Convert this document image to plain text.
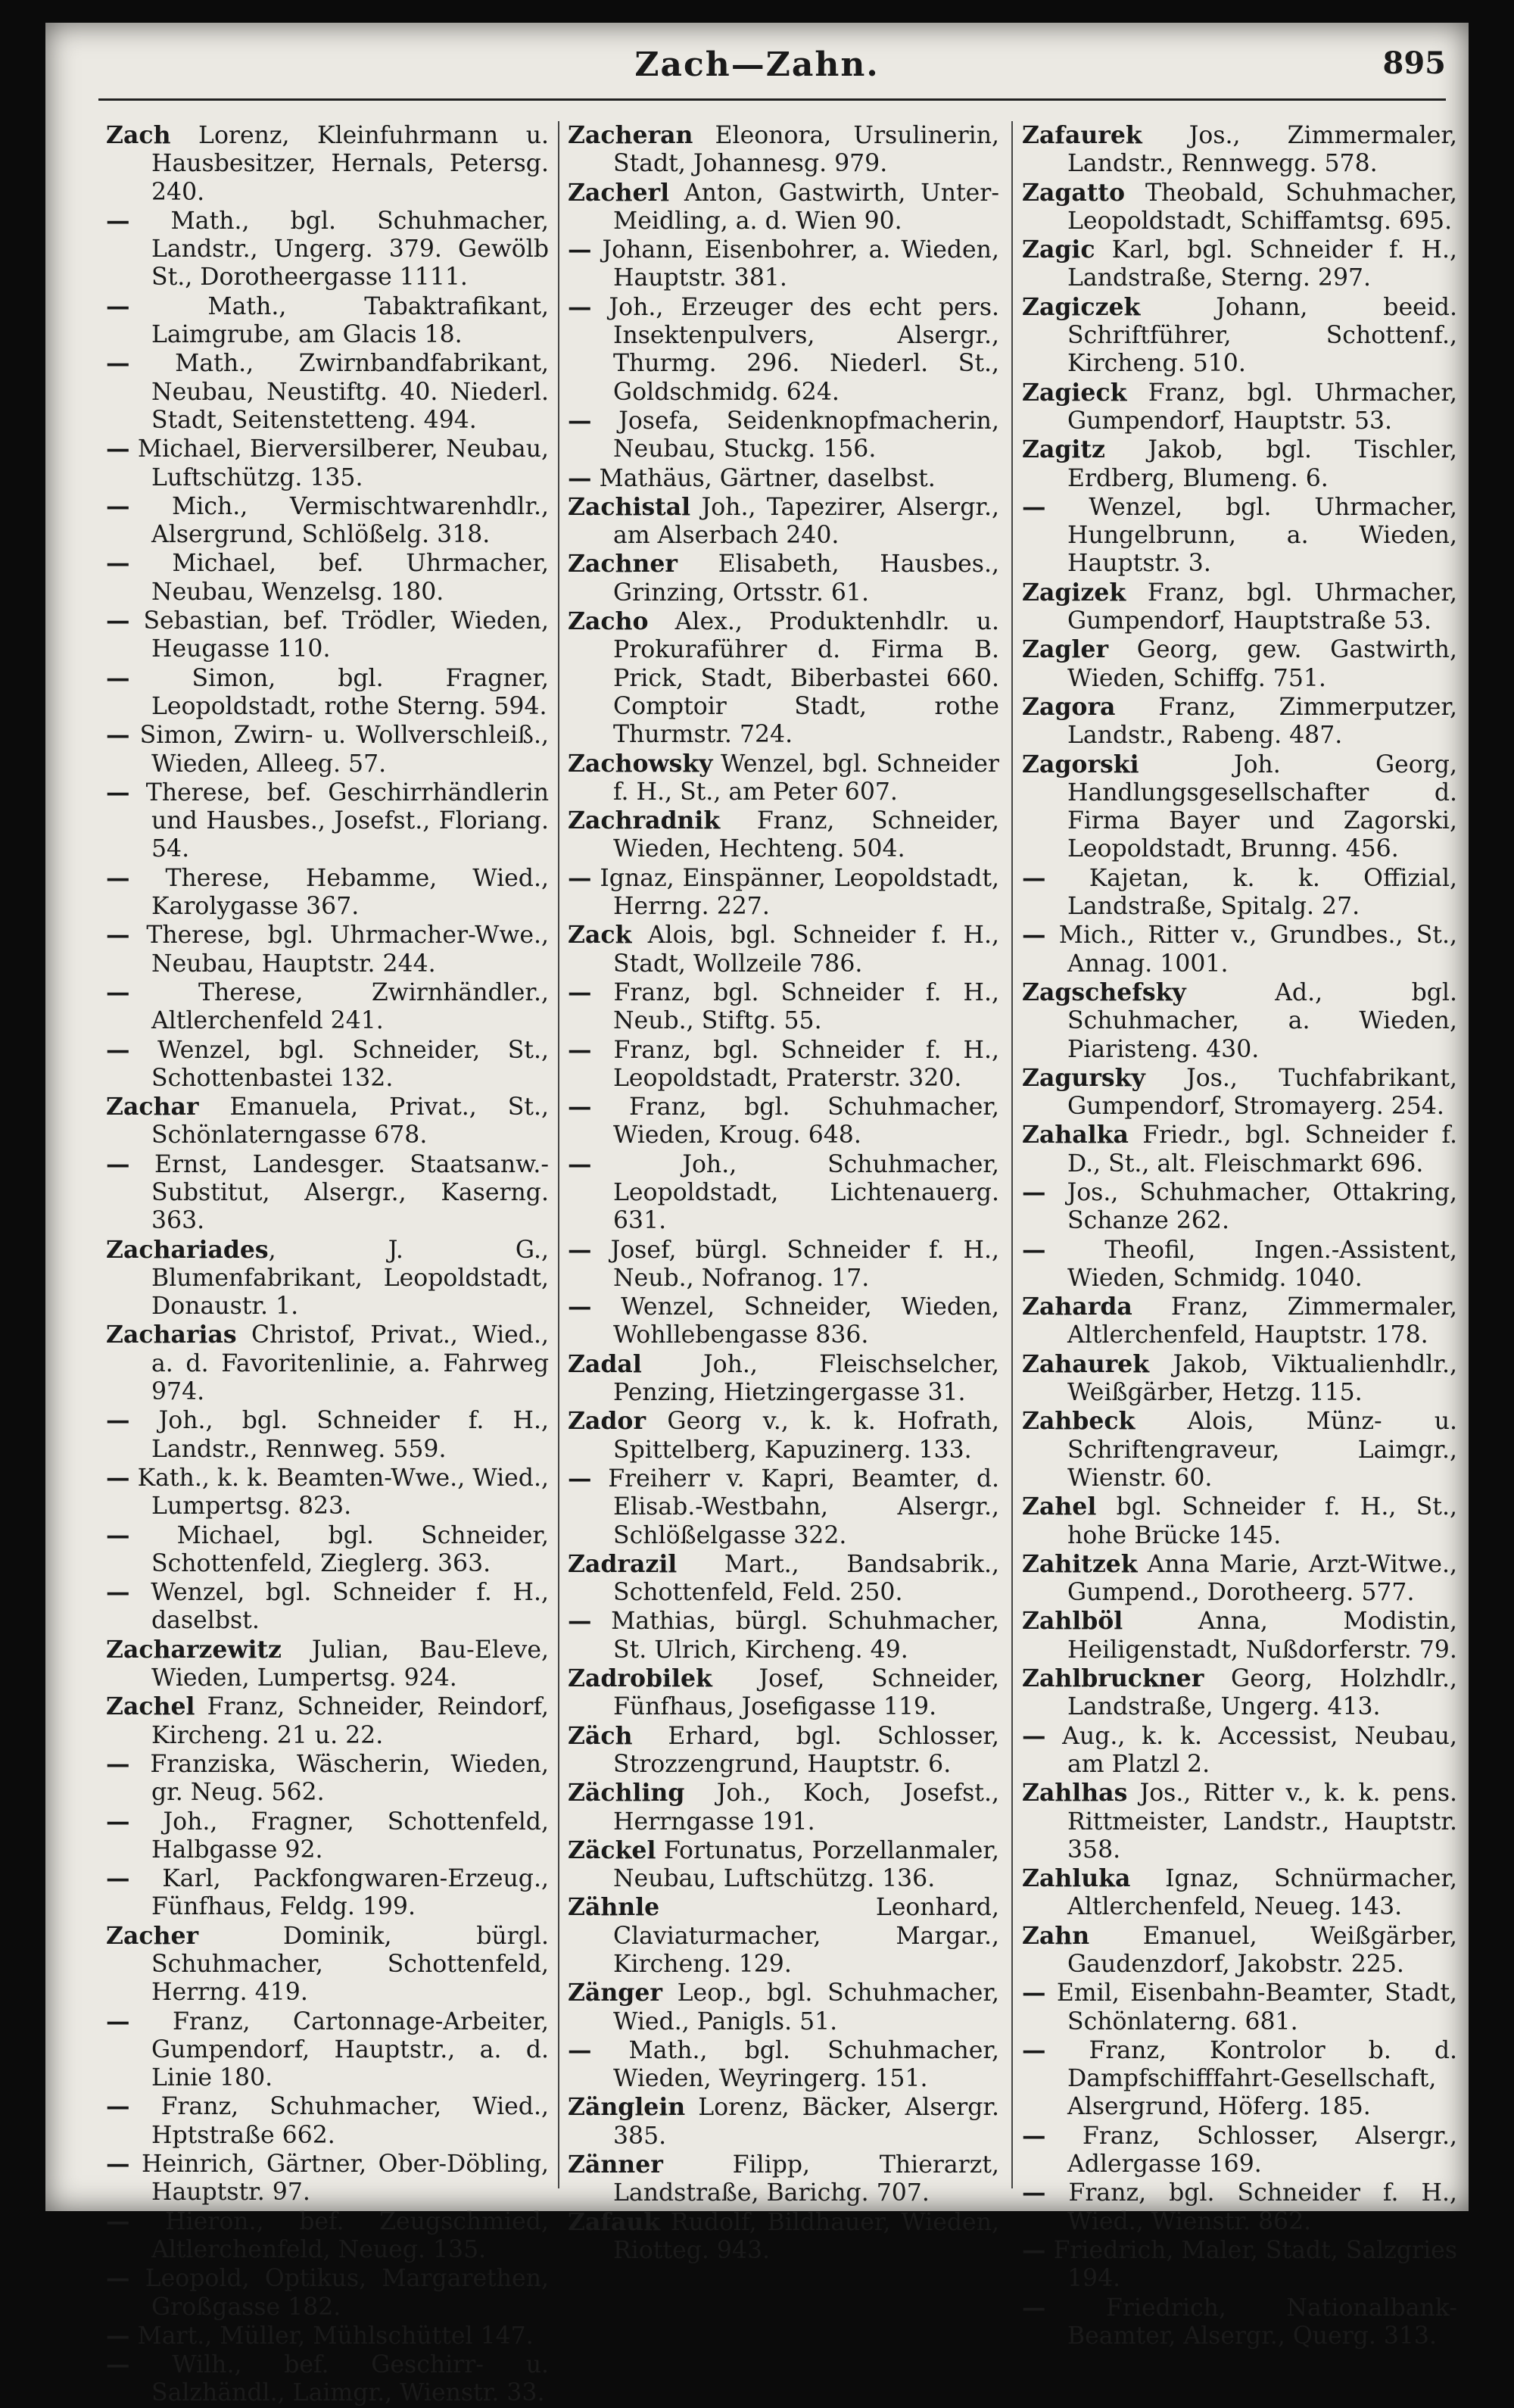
Zach—Zahn.	895

Zach Lorenz, Kleinfuhrmann u. Hausbesitzer, Hernals, Petersg. 240.

— Math., bgl. Schuhmacher, Landstr., Ungerg. 379. Gewölb St., Dorotheergasse 1111.

— Math., Tabaktrafikant, Laimgrube, am Glacis 18.

— Math., Zwirnbandfabrikant, Neubau, Neustiftg. 40. Niederl. Stadt, Seitenstetteng. 494.

— Michael, Bierversilberer, Neubau, Luftschützg. 135.

— Mich., Vermischtwarenhdlr., Alsergrund, Schlößelg. 318.

— Michael, bef. Uhrmacher, Neubau, Wenzelsg. 180.

— Sebastian, bef. Trödler, Wieden, Heugasse 110.

— Simon, bgl. Fragner, Leopoldstadt, rothe Sterng. 594.

— Simon, Zwirn- u. Wollverschleiß., Wieden, Alleeg. 57.

— Therese, bef. Geschirrhändlerin und Hausbes., Josefst., Floriang. 54.

— Therese, Hebamme, Wied., Karolygasse 367.

— Therese, bgl. Uhrmacher-Wwe., Neubau, Hauptstr. 244.

— Therese, Zwirnhändler., Altlerchenfeld 241.

— Wenzel, bgl. Schneider, St., Schottenbastei 132.

Zachar Emanuela, Privat., St., Schönlaterngasse 678.

— Ernst, Landesger. Staatsanw.-Substitut, Alsergr., Kaserng. 363.

Zachariades, J. G., Blumenfabrikant, Leopoldstadt, Donaustr. 1.

Zacharias Christof, Privat., Wied., a. d. Favoritenlinie, a. Fahrweg 974.

— Joh., bgl. Schneider f. H., Landstr., Rennweg. 559.

— Kath., k. k. Beamten-Wwe., Wied., Lumpertsg. 823.

— Michael, bgl. Schneider, Schottenfeld, Zieglerg. 363.

— Wenzel, bgl. Schneider f. H., daselbst.

Zacharzewitz Julian, Bau-Eleve, Wieden, Lumpertsg. 924.

Zachel Franz, Schneider, Reindorf, Kircheng. 21 u. 22.

— Franziska, Wäscherin, Wieden, gr. Neug. 562.

— Joh., Fragner, Schottenfeld, Halbgasse 92.

— Karl, Packfongwaren-Erzeug., Fünfhaus, Feldg. 199.

Zacher Dominik, bürgl. Schuhmacher, Schottenfeld, Herrng. 419.

— Franz, Cartonnage-Arbeiter, Gumpendorf, Hauptstr., a. d. Linie 180.

— Franz, Schuhmacher, Wied., Hptstraße 662.

— Heinrich, Gärtner, Ober-Döbling, Hauptstr. 97.

— Hieron., bef. Zeugschmied, Altlerchenfeld, Neueg. 135.

— Leopold, Optikus, Margarethen, Großgasse 182.

— Mart., Müller, Mühlschüttel 147.

— Wilh., bef. Geschirr- u. Salzhändl., Laimgr., Wienstr. 33.

Zacheran Eleonora, Ursulinerin, Stadt, Johannesg. 979.

Zacherl Anton, Gastwirth, Unter-Meidling, a. d. Wien 90.

— Johann, Eisenbohrer, a. Wieden, Hauptstr. 381.

— Joh., Erzeuger des echt pers. Insektenpulvers, Alsergr., Thurmg. 296. Niederl. St., Goldschmidg. 624.

— Josefa, Seidenknopfmacherin, Neubau, Stuckg. 156.

— Mathäus, Gärtner, daselbst.

Zachistal Joh., Tapezirer, Alsergr., am Alserbach 240.

Zachner Elisabeth, Hausbes., Grinzing, Ortsstr. 61.

Zacho Alex., Produktenhdlr. u. Prokuraführer d. Firma B. Prick, Stadt, Biberbastei 660. Comptoir Stadt, rothe Thurmstr. 724.

Zachowsky Wenzel, bgl. Schneider f. H., St., am Peter 607.

Zachradnik Franz, Schneider, Wieden, Hechteng. 504.

— Ignaz, Einspänner, Leopoldstadt, Herrng. 227.

Zack Alois, bgl. Schneider f. H., Stadt, Wollzeile 786.

— Franz, bgl. Schneider f. H., Neub., Stiftg. 55.

— Franz, bgl. Schneider f. H., Leopoldstadt, Praterstr. 320.

— Franz, bgl. Schuhmacher, Wieden, Kroug. 648.

— Joh., Schuhmacher, Leopoldstadt, Lichtenauerg. 631.

— Josef, bürgl. Schneider f. H., Neub., Nofranog. 17.

— Wenzel, Schneider, Wieden, Wohllebengasse 836.

Zadal Joh., Fleischselcher, Penzing, Hietzingergasse 31.

Zador Georg v., k. k. Hofrath, Spittelberg, Kapuzinerg. 133.

— Freiherr v. Kapri, Beamter, d. Elisab.-Westbahn, Alsergr., Schlößelgasse 322.

Zadrazil Mart., Bandsabrik., Schottenfeld, Feld. 250.

— Mathias, bürgl. Schuhmacher, St. Ulrich, Kircheng. 49.

Zadrobilek Josef, Schneider, Fünfhaus, Josefigasse 119.

Zäch Erhard, bgl. Schlosser, Strozzengrund, Hauptstr. 6.

Zächling Joh., Koch, Josefst., Herrngasse 191.

Zäckel Fortunatus, Porzellanmaler, Neubau, Luftschützg. 136.

Zähnle Leonhard, Claviaturmacher, Margar., Kircheng. 129.

Zänger Leop., bgl. Schuhmacher, Wied., Panigls. 51.

— Math., bgl. Schuhmacher, Wieden, Weyringerg. 151.

Zänglein Lorenz, Bäcker, Alsergr. 385.

Zänner Filipp, Thierarzt, Landstraße, Barichg. 707.

Zafauk Rudolf, Bildhauer, Wieden, Riotteg. 943.

Zafaurek Jos., Zimmermaler, Landstr., Rennwegg. 578.

Zagatto Theobald, Schuhmacher, Leopoldstadt, Schiffamtsg. 695.

Zagic Karl, bgl. Schneider f. H., Landstraße, Sterng. 297.

Zagiczek Johann, beeid. Schriftführer, Schottenf., Kircheng. 510.

Zagieck Franz, bgl. Uhrmacher, Gumpendorf, Hauptstr. 53.

Zagitz Jakob, bgl. Tischler, Erdberg, Blumeng. 6.

— Wenzel, bgl. Uhrmacher, Hungelbrunn, a. Wieden, Hauptstr. 3.

Zagizek Franz, bgl. Uhrmacher, Gumpendorf, Hauptstraße 53.

Zagler Georg, gew. Gastwirth, Wieden, Schiffg. 751.

Zagora Franz, Zimmerputzer, Landstr., Rabeng. 487.

Zagorski Joh. Georg, Handlungsgesellschafter d. Firma Bayer und Zagorski, Leopoldstadt, Brunng. 456.

— Kajetan, k. k. Offizial, Landstraße, Spitalg. 27.

— Mich., Ritter v., Grundbes., St., Annag. 1001.

Zagschefsky Ad., bgl. Schuhmacher, a. Wieden, Piaristeng. 430.

Zagursky Jos., Tuchfabrikant, Gumpendorf, Stromayerg. 254.

Zahalka Friedr., bgl. Schneider f. D., St., alt. Fleischmarkt 696.

— Jos., Schuhmacher, Ottakring, Schanze 262.

— Theofil, Ingen.-Assistent, Wieden, Schmidg. 1040.

Zaharda Franz, Zimmermaler, Altlerchenfeld, Hauptstr. 178.

Zahaurek Jakob, Viktualienhdlr., Weißgärber, Hetzg. 115.

Zahbeck Alois, Münz- u. Schriftengraveur, Laimgr., Wienstr. 60.

Zahel bgl. Schneider f. H., St., hohe Brücke 145.

Zahitzek Anna Marie, Arzt-Witwe., Gumpend., Dorotheerg. 577.

Zahlböl Anna, Modistin, Heiligenstadt, Nußdorferstr. 79.

Zahlbruckner Georg, Holzhdlr., Landstraße, Ungerg. 413.

— Aug., k. k. Accessist, Neubau, am Platzl 2.

Zahlhas Jos., Ritter v., k. k. pens. Rittmeister, Landstr., Hauptstr. 358.

Zahluka Ignaz, Schnürmacher, Altlerchenfeld, Neueg. 143.

Zahn Emanuel, Weißgärber, Gaudenzdorf, Jakobstr. 225.

— Emil, Eisenbahn-Beamter, Stadt, Schönlaterng. 681.

— Franz, Kontrolor b. d. Dampfschifffahrt-Gesellschaft, Alsergrund, Höferg. 185.

— Franz, Schlosser, Alsergr., Adlergasse 169.

— Franz, bgl. Schneider f. H., Wied., Wienstr. 862.

— Friedrich, Maler, Stadt, Salzgries 194.

— Friedrich, Nationalbank-Beamter, Alsergr., Querg. 313.
